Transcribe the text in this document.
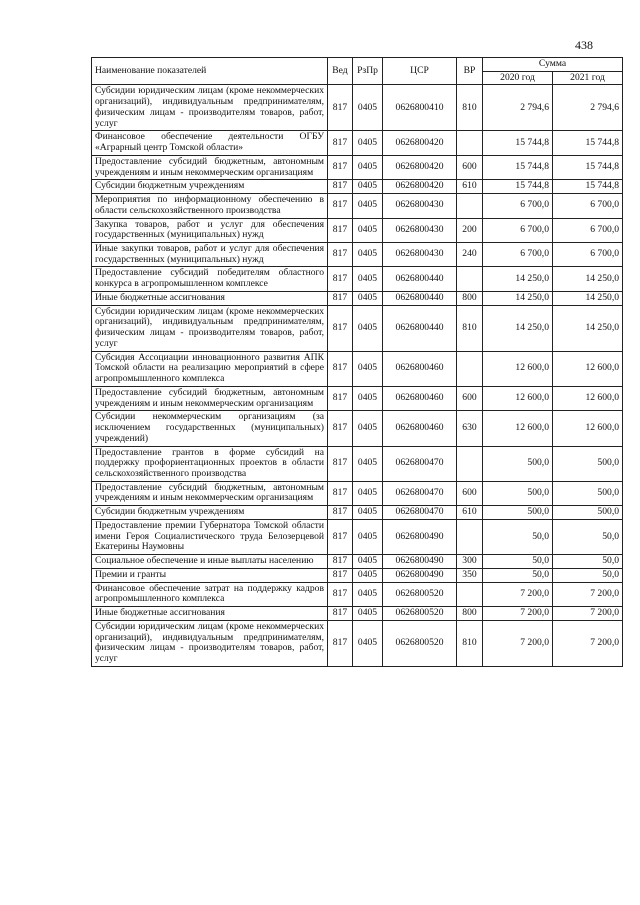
438
Наименование показателей	Вед	РзПр	ЦСР	ВР	Сумма	
					2020 год	2021 год
Субсидии юридическим лицам (кроме некоммерческих организаций), индивидуальным предпринимателям, физическим лицам - производителям товаров, работ, услуг	817	0405	0626800410	810	2 794,6	2 794,6
Финансовое обеспечение деятельности ОГБУ «Аграрный центр Томской области»	817	0405	0626800420		15 744,8	15 744,8
Предоставление субсидий бюджетным, автономным учреждениям и иным некоммерческим организациям	817	0405	0626800420	600	15 744,8	15 744,8
Субсидии бюджетным учреждениям	817	0405	0626800420	610	15 744,8	15 744,8
Мероприятия по информационному обеспечению в области сельскохозяйственного производства	817	0405	0626800430		6 700,0	6 700,0
Закупка товаров, работ и услуг для обеспечения государственных (муниципальных) нужд	817	0405	0626800430	200	6 700,0	6 700,0
Иные закупки товаров, работ и услуг для обеспечения государственных (муниципальных) нужд	817	0405	0626800430	240	6 700,0	6 700,0
Предоставление субсидий победителям областного конкурса в агропромышленном комплексе	817	0405	0626800440		14 250,0	14 250,0
Иные бюджетные ассигнования	817	0405	0626800440	800	14 250,0	14 250,0
Субсидии юридическим лицам (кроме некоммерческих организаций), индивидуальным предпринимателям, физическим лицам - производителям товаров, работ, услуг	817	0405	0626800440	810	14 250,0	14 250,0
Субсидия Ассоциации инновационного развития АПК Томской области на реализацию мероприятий в сфере агропромышленного комплекса	817	0405	0626800460		12 600,0	12 600,0
Предоставление субсидий бюджетным, автономным учреждениям и иным некоммерческим организациям	817	0405	0626800460	600	12 600,0	12 600,0
Субсидии некоммерческим организациям (за исключением государственных (муниципальных) учреждений)	817	0405	0626800460	630	12 600,0	12 600,0
Предоставление грантов в форме субсидий на поддержку профориентационных проектов в области сельскохозяйственного производства	817	0405	0626800470		500,0	500,0
Предоставление субсидий бюджетным, автономным учреждениям и иным некоммерческим организациям	817	0405	0626800470	600	500,0	500,0
Субсидии бюджетным учреждениям	817	0405	0626800470	610	500,0	500,0
Предоставление премии Губернатора Томской области имени Героя Социалистического труда Белозерцевой Екатерины Наумовны	817	0405	0626800490		50,0	50,0
Социальное обеспечение и иные выплаты населению	817	0405	0626800490	300	50,0	50,0
Премии и гранты	817	0405	0626800490	350	50,0	50,0
Финансовое обеспечение затрат на поддержку кадров агропромышленного комплекса	817	0405	0626800520		7 200,0	7 200,0
Иные бюджетные ассигнования	817	0405	0626800520	800	7 200,0	7 200,0
Субсидии юридическим лицам (кроме некоммерческих организаций), индивидуальным предпринимателям, физическим лицам - производителям товаров, работ, услуг	817	0405	0626800520	810	7 200,0	7 200,0
